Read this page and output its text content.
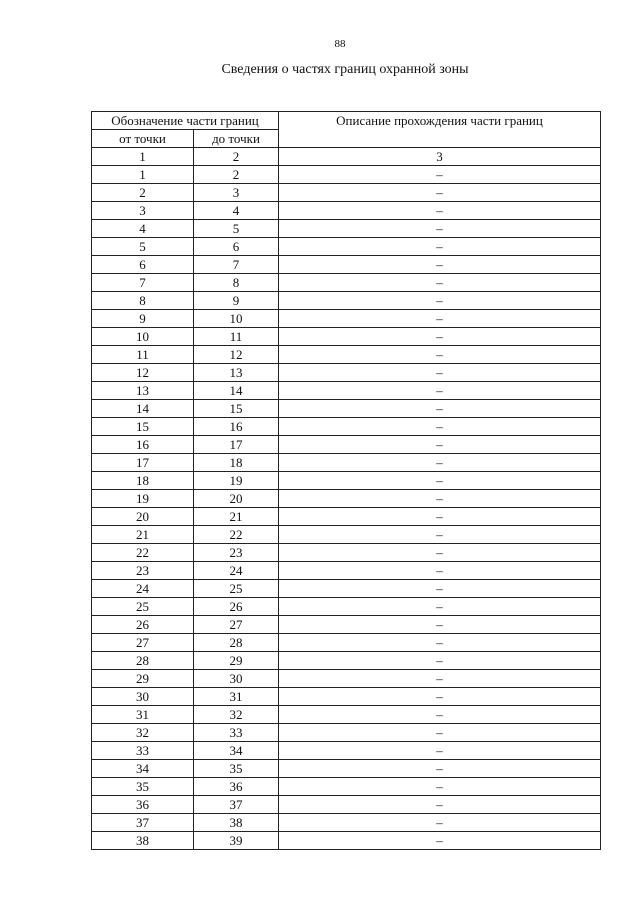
88
Сведения о частях границ охранной зоны
Обозначение части границ		Описание прохождения части границ
от точки	до точки	
1	2	3
1	2	–
2	3	–
3	4	–
4	5	–
5	6	–
6	7	–
7	8	–
8	9	–
9	10	–
10	11	–
11	12	–
12	13	–
13	14	–
14	15	–
15	16	–
16	17	–
17	18	–
18	19	–
19	20	–
20	21	–
21	22	–
22	23	–
23	24	–
24	25	–
25	26	–
26	27	–
27	28	–
28	29	–
29	30	–
30	31	–
31	32	–
32	33	–
33	34	–
34	35	–
35	36	–
36	37	–
37	38	–
38	39	–
